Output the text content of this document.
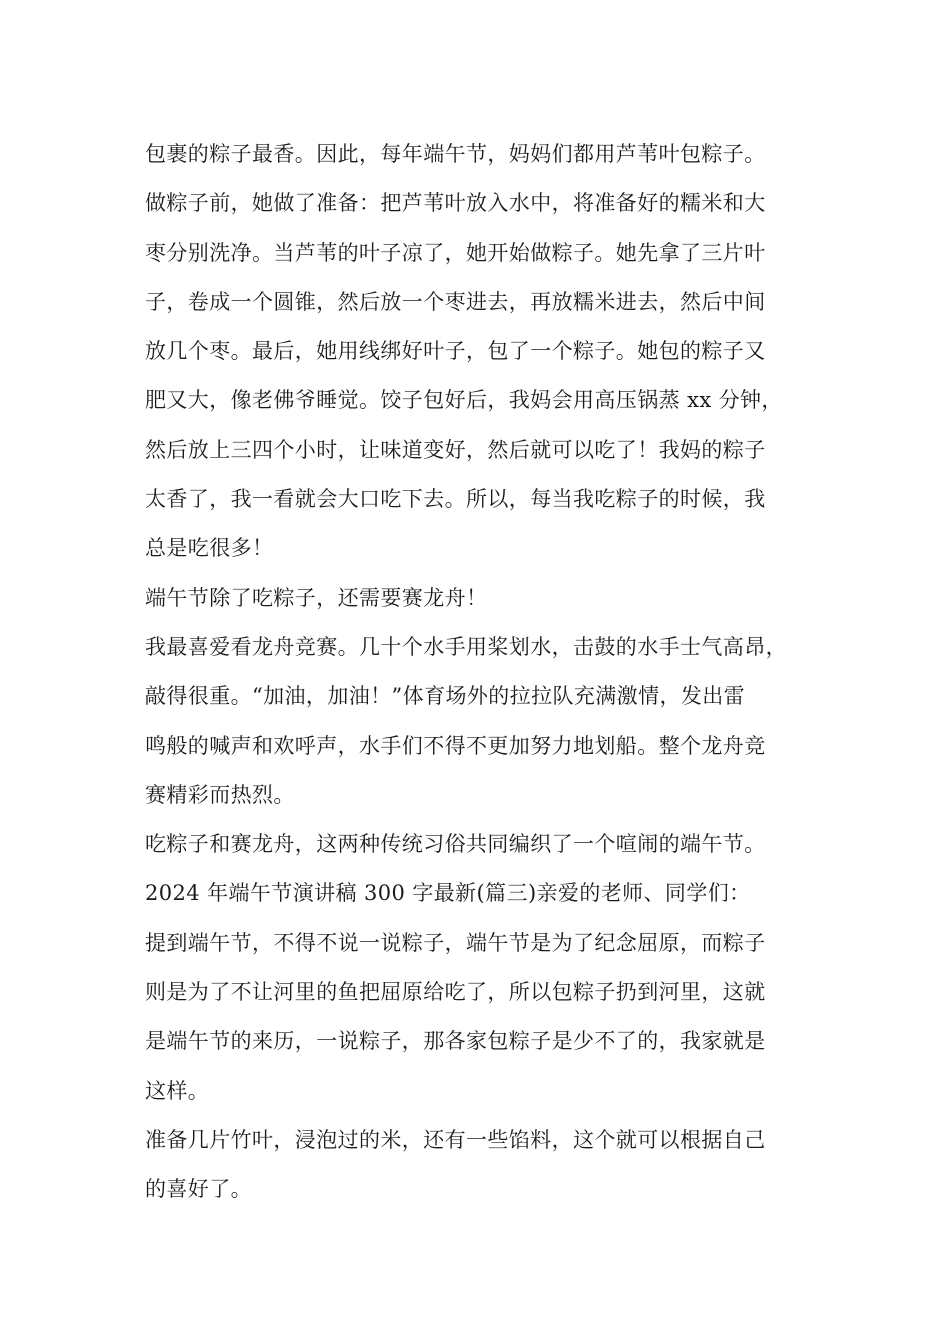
包裹的粽子最香。因此，每年端午节，妈妈们都用芦苇叶包粽子。
做粽子前，她做了准备：把芦苇叶放入水中，将准备好的糯米和大
枣分别洗净。当芦苇的叶子凉了，她开始做粽子。她先拿了三片叶
子，卷成一个圆锥，然后放一个枣进去，再放糯米进去，然后中间
放几个枣。最后，她用线绑好叶子，包了一个粽子。她包的粽子又
肥又大，像老佛爷睡觉。饺子包好后，我妈会用高压锅蒸 xx 分钟，
然后放上三四个小时，让味道变好，然后就可以吃了！我妈的粽子
太香了，我一看就会大口吃下去。所以，每当我吃粽子的时候，我
总是吃很多！
端午节除了吃粽子，还需要赛龙舟！
我最喜爱看龙舟竞赛。几十个水手用桨划水，击鼓的水手士气高昂，
敲得很重。“加油，加油！”体育场外的拉拉队充满激情，发出雷
鸣般的喊声和欢呼声，水手们不得不更加努力地划船。整个龙舟竞
赛精彩而热烈。
吃粽子和赛龙舟，这两种传统习俗共同编织了一个喧闹的端午节。
2024 年端午节演讲稿 300 字最新(篇三)亲爱的老师、同学们：
提到端午节，不得不说一说粽子，端午节是为了纪念屈原，而粽子
则是为了不让河里的鱼把屈原给吃了，所以包粽子扔到河里，这就
是端午节的来历，一说粽子，那各家包粽子是少不了的，我家就是
这样。
准备几片竹叶，浸泡过的米，还有一些馅料，这个就可以根据自己
的喜好了。
